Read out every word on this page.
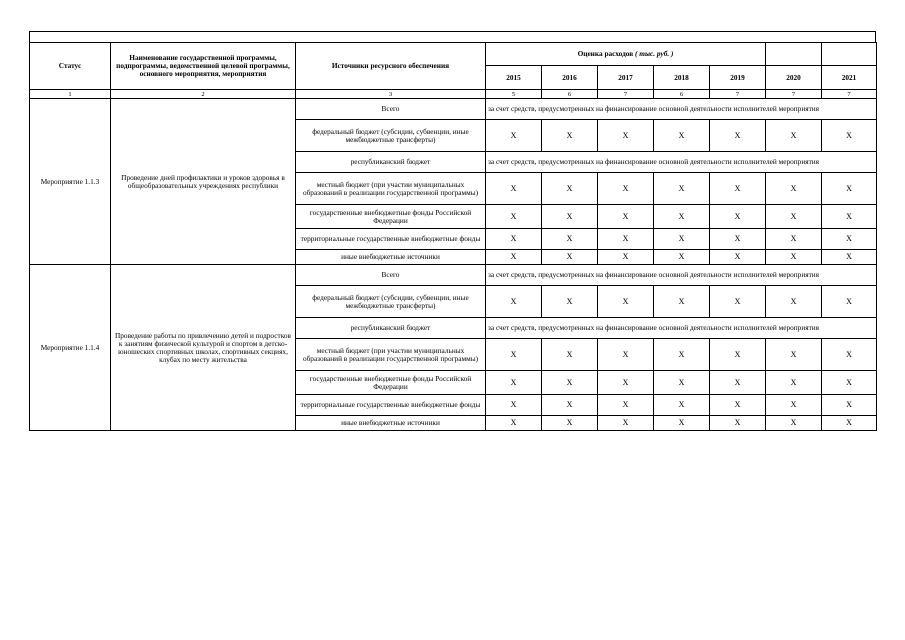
Статус	Наименование государственной программы, подпрограммы, ведомственной целевой программы, основного мероприятия, мероприятия	Источники ресурсного обеспечения	Оценка расходов ( тыс. руб. )						
			2015	2016	2017	2018	2019	2020	2021
1	2	3	5	6	7	6	7	7	7
Мероприятие 1.1.3	Проведение дней профилактики и уроков здоровья в общеобразовательных учреждениях республики	Всего	за счет средств, предусмотренных на финансирование основной деятельности исполнителей мероприятия						
		федеральный бюджет (субсидии, субвенции, иные межбюджетные трансферты)	X	X	X	X	X	X	X
		республиканский бюджет	за счет средств, предусмотренных на финансирование основной деятельности исполнителей мероприятия						
		местный бюджет (при участии муниципальных образований в реализации государственной программы)	X	X	X	X	X	X	X
		государственные внебюджетные фонды Российской Федерации	X	X	X	X	X	X	X
		территориальные государственные внебюджетные фонды	X	X	X	X	X	X	X
		иные внебюджетные источники	X	X	X	X	X	X	X
Мероприятие 1.1.4	Проведение работы по привлечению детей и подростков к занятиям физической культурой и спортом в детско-юношеских спортивных школах, спортивных секциях, клубах по месту жительства	Всего	за счет средств, предусмотренных на финансирование основной деятельности исполнителей мероприятия						
		федеральный бюджет (субсидии, субвенции, иные межбюджетные трансферты)	X	X	X	X	X	X	X
		республиканский бюджет	за счет средств, предусмотренных на финансирование основной деятельности исполнителей мероприятия						
		местный бюджет (при участии муниципальных образований в реализации государственной программы)	X	X	X	X	X	X	X
		государственные внебюджетные фонды Российской Федерации	X	X	X	X	X	X	X
		территориальные государственные внебюджетные фонды	X	X	X	X	X	X	X
		иные внебюджетные источники	X	X	X	X	X	X	X
